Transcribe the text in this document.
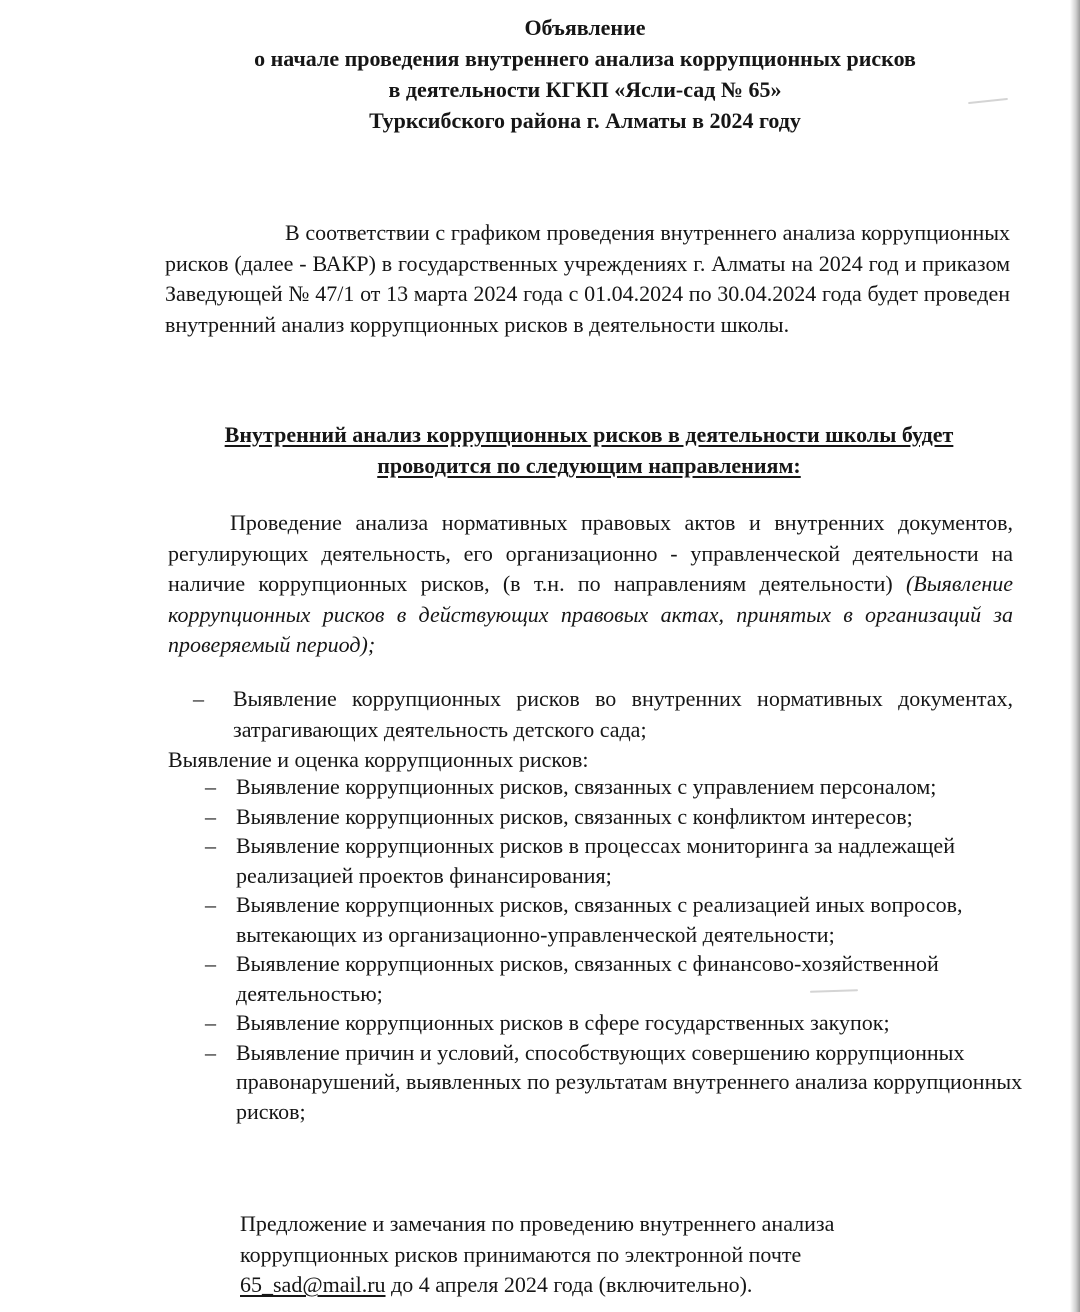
Объявление
о начале проведения внутреннего анализа коррупционных рисков
в деятельности КГКП «Ясли-сад № 65»
Турксибского района г. Алматы в 2024 году
В соответствии с графиком проведения внутреннего анализа коррупционных рисков (далее - ВАКР) в государственных учреждениях г. Алматы на 2024 год и приказом Заведующей № 47/1 от 13 марта 2024 года с 01.04.2024 по 30.04.2024 года будет проведен внутренний анализ коррупционных рисков в деятельности школы.
Внутренний анализ коррупционных рисков в деятельности школы будет
проводится по следующим направлениям:
Проведение анализа нормативных правовых актов и внутренних документов, регулирующих деятельность, его организационно - управленческой деятельности на наличие коррупционных рисков, (в т.н. по направлениям деятельности) (Выявление коррупционных рисков в действующих правовых актах, принятых в организаций за проверяемый период);
– Выявление коррупционных рисков во внутренних нормативных документах, затрагивающих деятельность детского сада;
Выявление и оценка коррупционных рисков:
– Выявление коррупционных рисков, связанных с управлением персоналом;
– Выявление коррупционных рисков, связанных с конфликтом интересов;
– Выявление коррупционных рисков в процессах мониторинга за надлежащей реализацией проектов финансирования;
– Выявление коррупционных рисков, связанных с реализацией иных вопросов, вытекающих из организационно-управленческой деятельности;
– Выявление коррупционных рисков, связанных с финансово-хозяйственной деятельностью;
– Выявление коррупционных рисков в сфере государственных закупок;
– Выявление причин и условий, способствующих совершению коррупционных правонарушений, выявленных по результатам внутреннего анализа коррупционных рисков;
Предложение и замечания по проведению внутреннего анализа
коррупционных рисков принимаются по электронной почте
65_sad@mail.ru до 4 апреля 2024 года (включительно).
